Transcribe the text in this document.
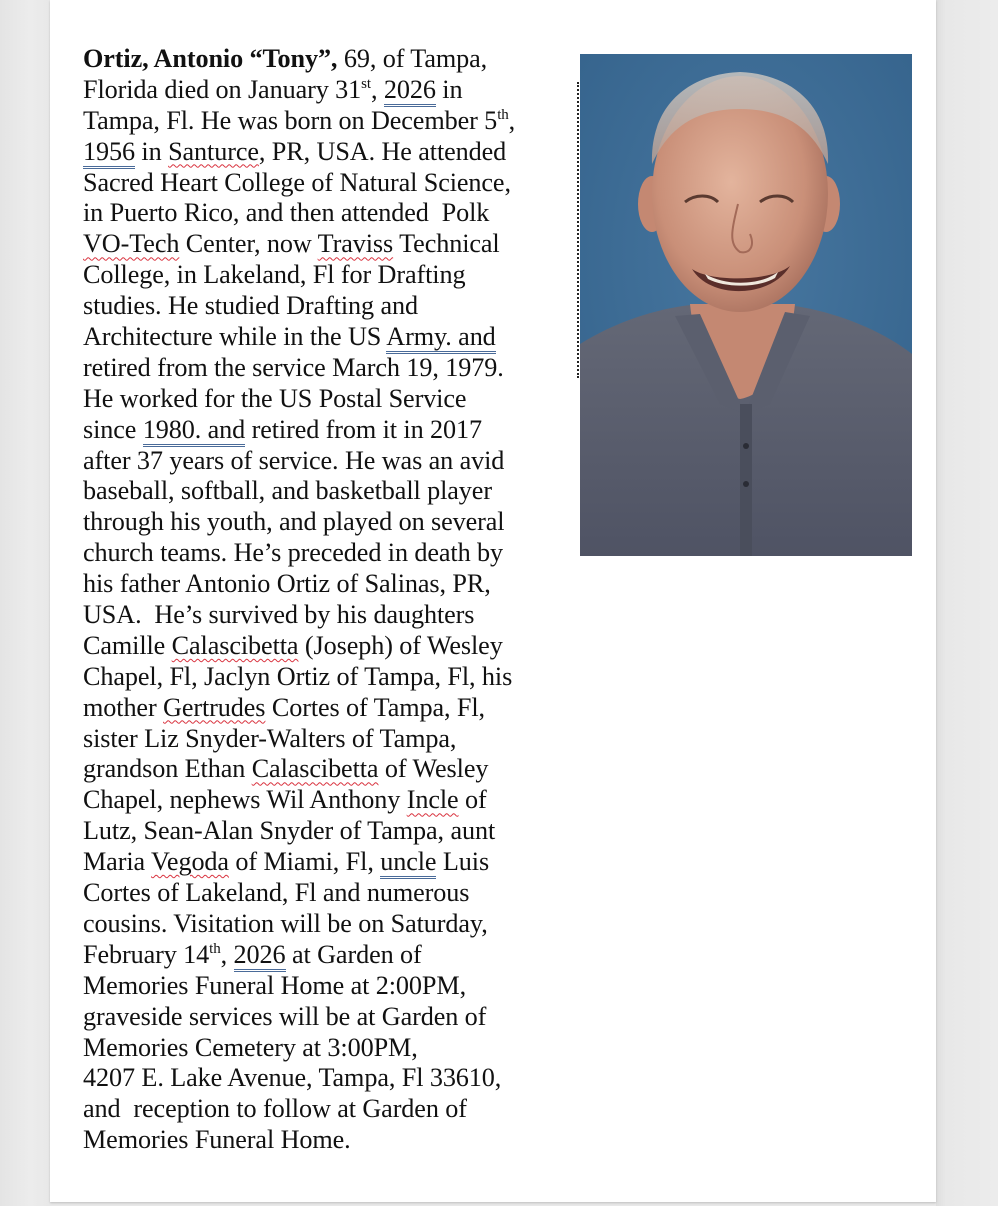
Ortiz, Antonio “Tony”, 69, of Tampa,
Florida died on January 31st, 2026 in
Tampa, Fl. He was born on December 5th,
1956 in Santurce, PR, USA. He attended
Sacred Heart College of Natural Science,
in Puerto Rico, and then attended  Polk
VO-Tech Center, now Traviss Technical
College, in Lakeland, Fl for Drafting
studies. He studied Drafting and
Architecture while in the US Army. and
retired from the service March 19, 1979.
He worked for the US Postal Service
since 1980. and retired from it in 2017
after 37 years of service. He was an avid
baseball, softball, and basketball player
through his youth, and played on several
church teams. He’s preceded in death by
his father Antonio Ortiz of Salinas, PR,
USA.  He’s survived by his daughters
Camille Calascibetta (Joseph) of Wesley
Chapel, Fl, Jaclyn Ortiz of Tampa, Fl, his
mother Gertrudes Cortes of Tampa, Fl,
sister Liz Snyder-Walters of Tampa,
grandson Ethan Calascibetta of Wesley
Chapel, nephews Wil Anthony Incle of
Lutz, Sean-Alan Snyder of Tampa, aunt
Maria Vegoda of Miami, Fl, uncle Luis
Cortes of Lakeland, Fl and numerous
cousins. Visitation will be on Saturday,
February 14th, 2026 at Garden of
Memories Funeral Home at 2:00PM,
graveside services will be at Garden of
Memories Cemetery at 3:00PM,
4207 E. Lake Avenue, Tampa, Fl 33610,
and  reception to follow at Garden of
Memories Funeral Home.
